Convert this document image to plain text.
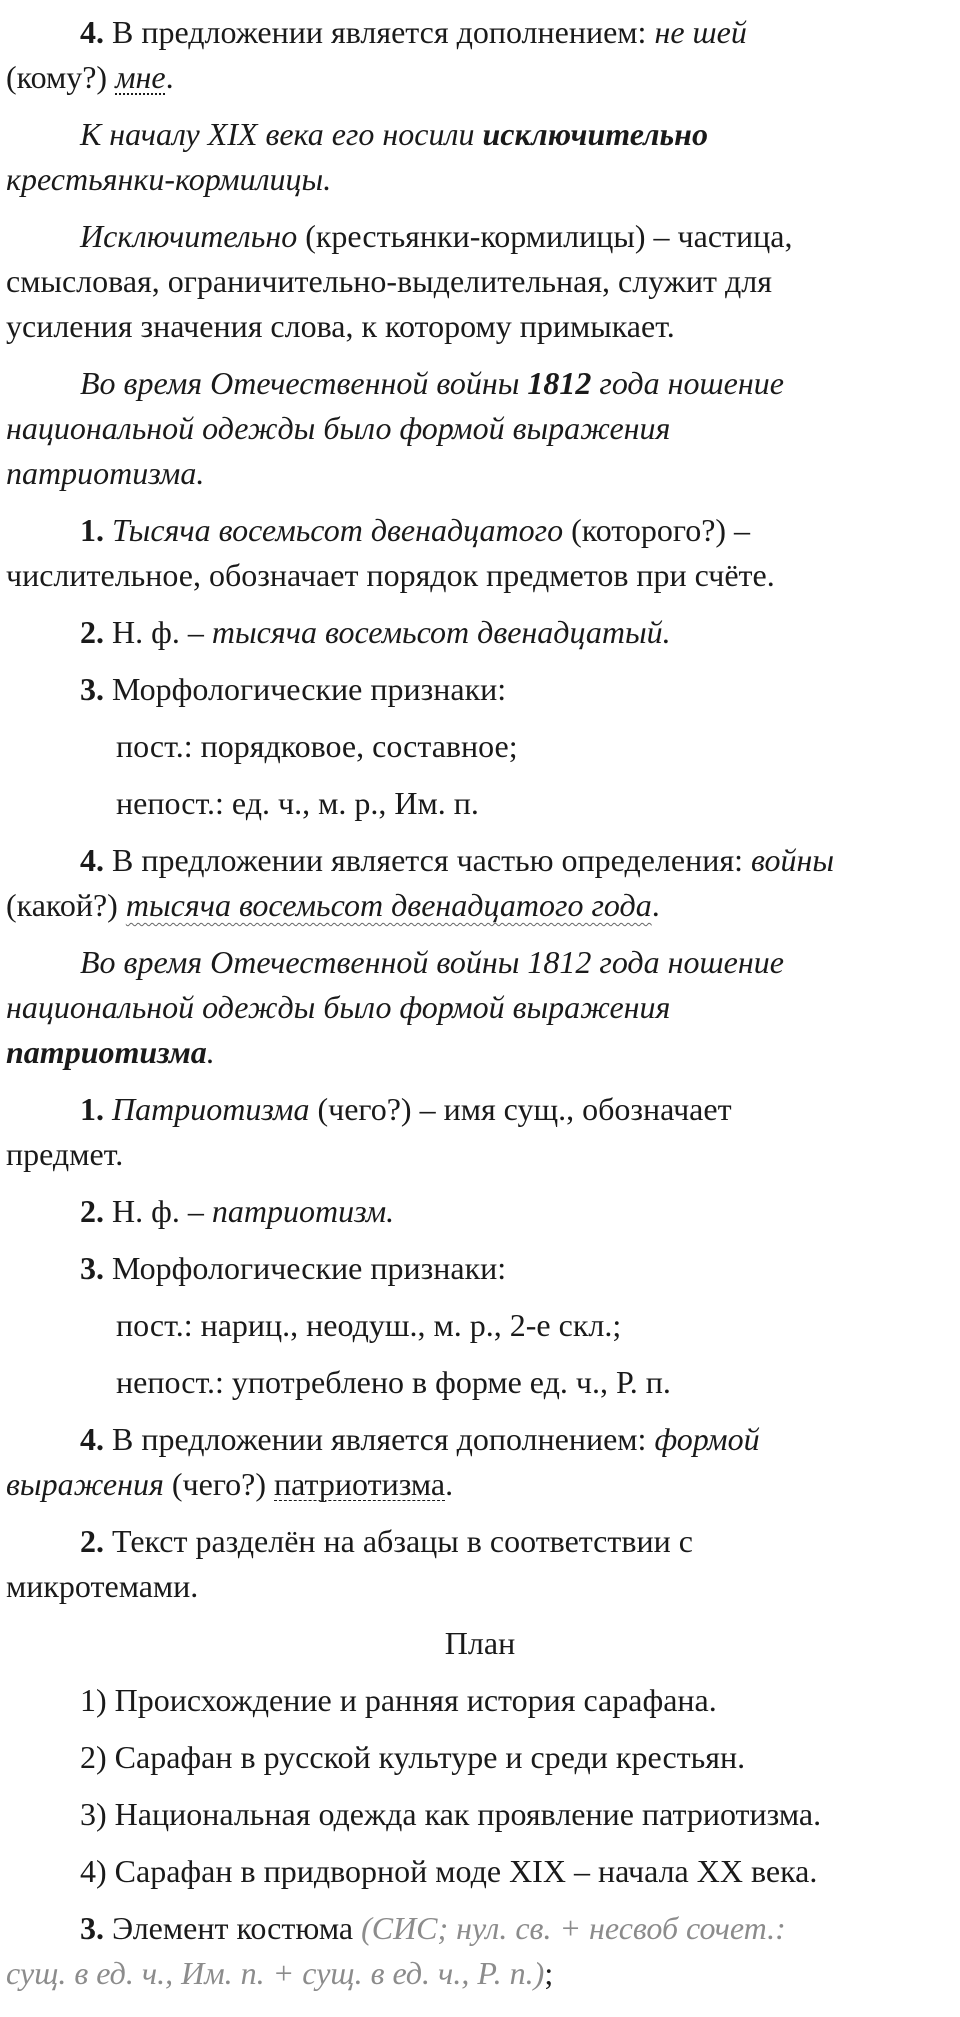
4. В предложении является дополнением: не шей
(кому?) мне.

К началу XIX века его носили исключительно
крестьянки-кормилицы.

Исключительно (крестьянки-кормилицы) – частица,
смысловая, ограничительно-выделительная, служит для
усиления значения слова, к которому примыкает.

Во время Отечественной войны 1812 года ношение
национальной одежды было формой выражения
патриотизма.

1. Тысяча восемьсот двенадцатого (которого?) –
числительное, обозначает порядок предметов при счёте.

2. Н. ф. – тысяча восемьсот двенадцатый.

3. Морфологические признаки:

пост.: порядковое, составное;

непост.: ед. ч., м. р., Им. п.

4. В предложении является частью определения: войны
(какой?) тысяча восемьсот двенадцатого года.

Во время Отечественной войны 1812 года ношение
национальной одежды было формой выражения
патриотизма.

1. Патриотизма (чего?) – имя сущ., обозначает
предмет.

2. Н. ф. – патриотизм.

3. Морфологические признаки:

пост.: нариц., неодуш., м. р., 2-е скл.;

непост.: употреблено в форме ед. ч., Р. п.

4. В предложении является дополнением: формой
выражения (чего?) патриотизма.

2. Текст разделён на абзацы в соответствии с
микротемами.

План

1) Происхождение и ранняя история сарафана.

2) Сарафан в русской культуре и среди крестьян.

3) Национальная одежда как проявление патриотизма.

4) Сарафан в придворной моде XIX – начала XX века.

3. Элемент костюма (СИС; нул. св. + несвоб сочет.:
сущ. в ед. ч., Им. п. + сущ. в ед. ч., Р. п.);
